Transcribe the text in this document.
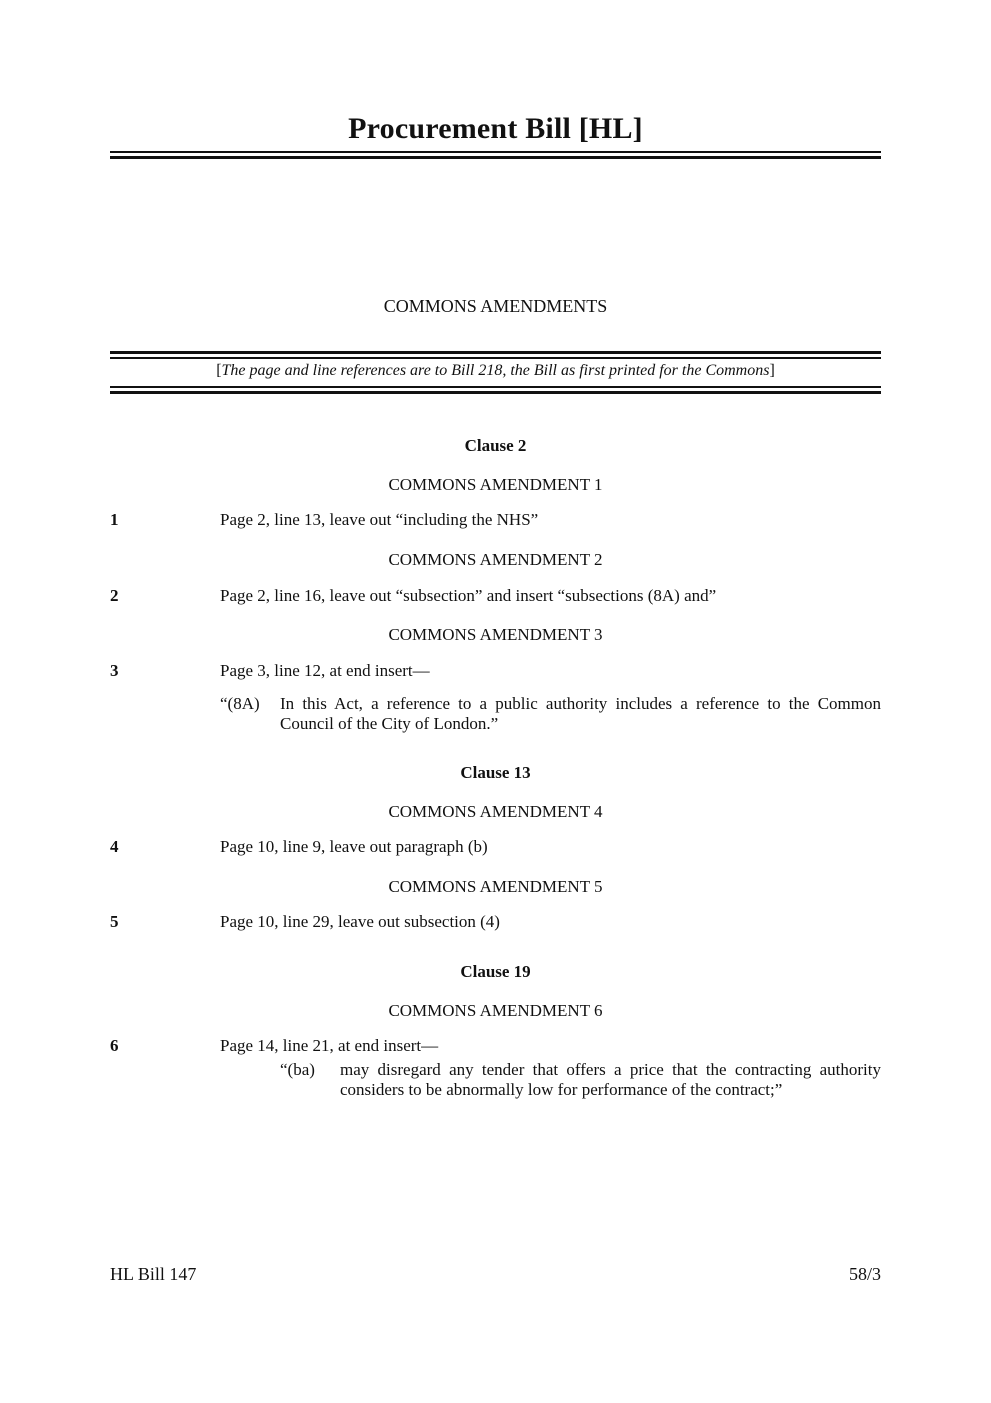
Procurement Bill [HL]
COMMONS AMENDMENTS
[The page and line references are to Bill 218, the Bill as first printed for the Commons]
Clause 2
COMMONS AMENDMENT 1
1	Page 2, line 13, leave out “including the NHS”
COMMONS AMENDMENT 2
2	Page 2, line 16, leave out “subsection” and insert “subsections (8A) and”
COMMONS AMENDMENT 3
3	Page 3, line 12, at end insert—
“(8A) In this Act, a reference to a public authority includes a reference to the Common Council of the City of London.”
Clause 13
COMMONS AMENDMENT 4
4	Page 10, line 9, leave out paragraph (b)
COMMONS AMENDMENT 5
5	Page 10, line 29, leave out subsection (4)
Clause 19
COMMONS AMENDMENT 6
6	Page 14, line 21, at end insert—
“(ba) may disregard any tender that offers a price that the contracting authority considers to be abnormally low for performance of the contract;”
HL Bill 147	58/3
